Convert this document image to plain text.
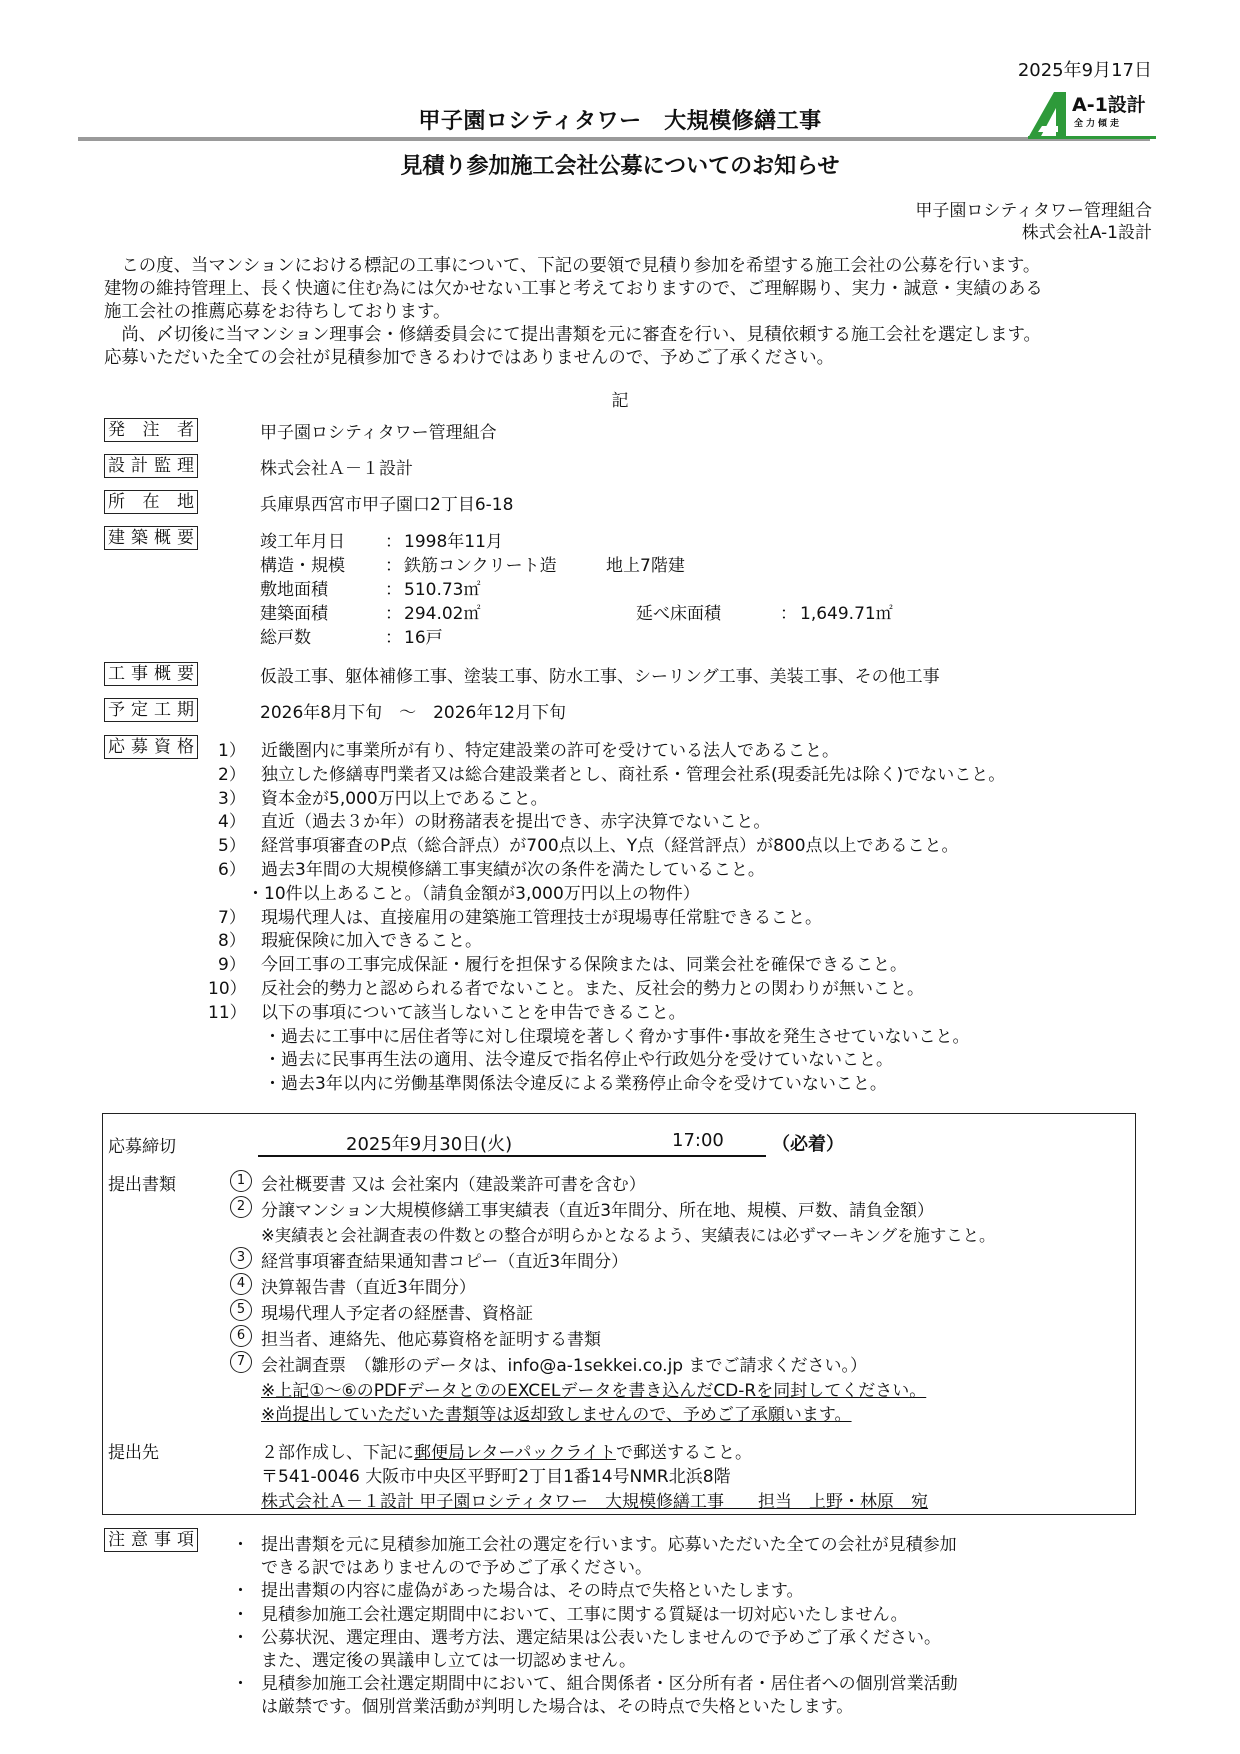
2025年9月17日
甲子園ロシティタワー　大規模修繕工事
見積り参加施工会社公募についてのお知らせ
A-1設計
全力傾走
甲子園ロシティタワー管理組合
株式会社A-1設計
　この度、当マンションにおける標記の工事について、下記の要領で見積り参加を希望する施工会社の公募を行います。
建物の維持管理上、長く快適に住む為には欠かせない工事と考えておりますので、ご理解賜り、実力・誠意・実績のある
施工会社の推薦応募をお待ちしております。
　尚、〆切後に当マンション理事会・修繕委員会にて提出書類を元に審査を行い、見積依頼する施工会社を選定します。
応募いただいた全ての会社が見積参加できるわけではありませんので、予めご了承ください。
記
発注者	甲子園ロシティタワー管理組合
設計監理	株式会社Ａ－１設計
所在地	兵庫県西宮市甲子園口2丁目6-18
建築概要	竣工年月日 ： 1998年11月
構造・規模 ： 鉄筋コンクリート造	地上7階建
敷地面積	： 510.73㎡
建築面積	： 294.02㎡	延べ床面積	： 1,649.71㎡
総戸数	： 16戸
工事概要	仮設工事、躯体補修工事、塗装工事、防水工事、シーリング工事、美装工事、その他工事
予定工期	2026年8月下旬　～　2026年12月下旬
応募資格 1） 近畿圏内に事業所が有り、特定建設業の許可を受けている法人であること。
2） 独立した修繕専門業者又は総合建設業者とし、商社系・管理会社系(現委託先は除く)でないこと。
3） 資本金が5,000万円以上であること。
4） 直近（過去３か年）の財務諸表を提出でき、赤字決算でないこと。
5） 経営事項審査のP点（総合評点）が700点以上、Y点（経営評点）が800点以上であること。
6） 過去3年間の大規模修繕工事実績が次の条件を満たしていること。
・10件以上あること。（請負金額が3,000万円以上の物件）
7） 現場代理人は、直接雇用の建築施工管理技士が現場専任常駐できること。
8） 瑕疵保険に加入できること。
9） 今回工事の工事完成保証・履行を担保する保険または、同業会社を確保できること。
10） 反社会的勢力と認められる者でないこと。また、反社会的勢力との関わりが無いこと。
11） 以下の事項について該当しないことを申告できること。
・過去に工事中に居住者等に対し住環境を著しく脅かす事件･事故を発生させていないこと。
・過去に民事再生法の適用、法令違反で指名停止や行政処分を受けていないこと。
・過去3年以内に労働基準関係法令違反による業務停止命令を受けていないこと。
応募締切	2025年9月30日(火)	17:00	（必着）
提出書類	1 会社概要書 又は 会社案内（建設業許可書を含む）
2 分譲マンション大規模修繕工事実績表（直近3年間分、所在地、規模、戸数、請負金額）
※実績表と会社調査表の件数との整合が明らかとなるよう、実績表には必ずマーキングを施すこと。
3 経営事項審査結果通知書コピー（直近3年間分）
4 決算報告書（直近3年間分）
5 現場代理人予定者の経歴書、資格証
6 担当者、連絡先、他応募資格を証明する書類
7 会社調査票　（雛形のデータは、info@a-1sekkei.co.jp までご請求ください。）
※上記①～⑥のPDFデータと⑦のEXCELデータを書き込んだCD-Rを同封してください。
※尚提出していただいた書類等は返却致しませんので、予めご了承願います。
提出先	２部作成し、下記に郵便局レターパックライトで郵送すること。
〒541-0046 大阪市中央区平野町2丁目1番14号NMR北浜8階
株式会社Ａ－１設計 甲子園ロシティタワー　大規模修繕工事　　担当　上野・林原　宛
注意事項 ・ 提出書類を元に見積参加施工会社の選定を行います。応募いただいた全ての会社が見積参加
できる訳ではありませんので予めご了承ください。
・ 提出書類の内容に虚偽があった場合は、その時点で失格といたします。
・ 見積参加施工会社選定期間中において、工事に関する質疑は一切対応いたしません。
・ 公募状況、選定理由、選考方法、選定結果は公表いたしませんので予めご了承ください。
また、選定後の異議申し立ては一切認めません。
・ 見積参加施工会社選定期間中において、組合関係者・区分所有者・居住者への個別営業活動
は厳禁です。個別営業活動が判明した場合は、その時点で失格といたします。
